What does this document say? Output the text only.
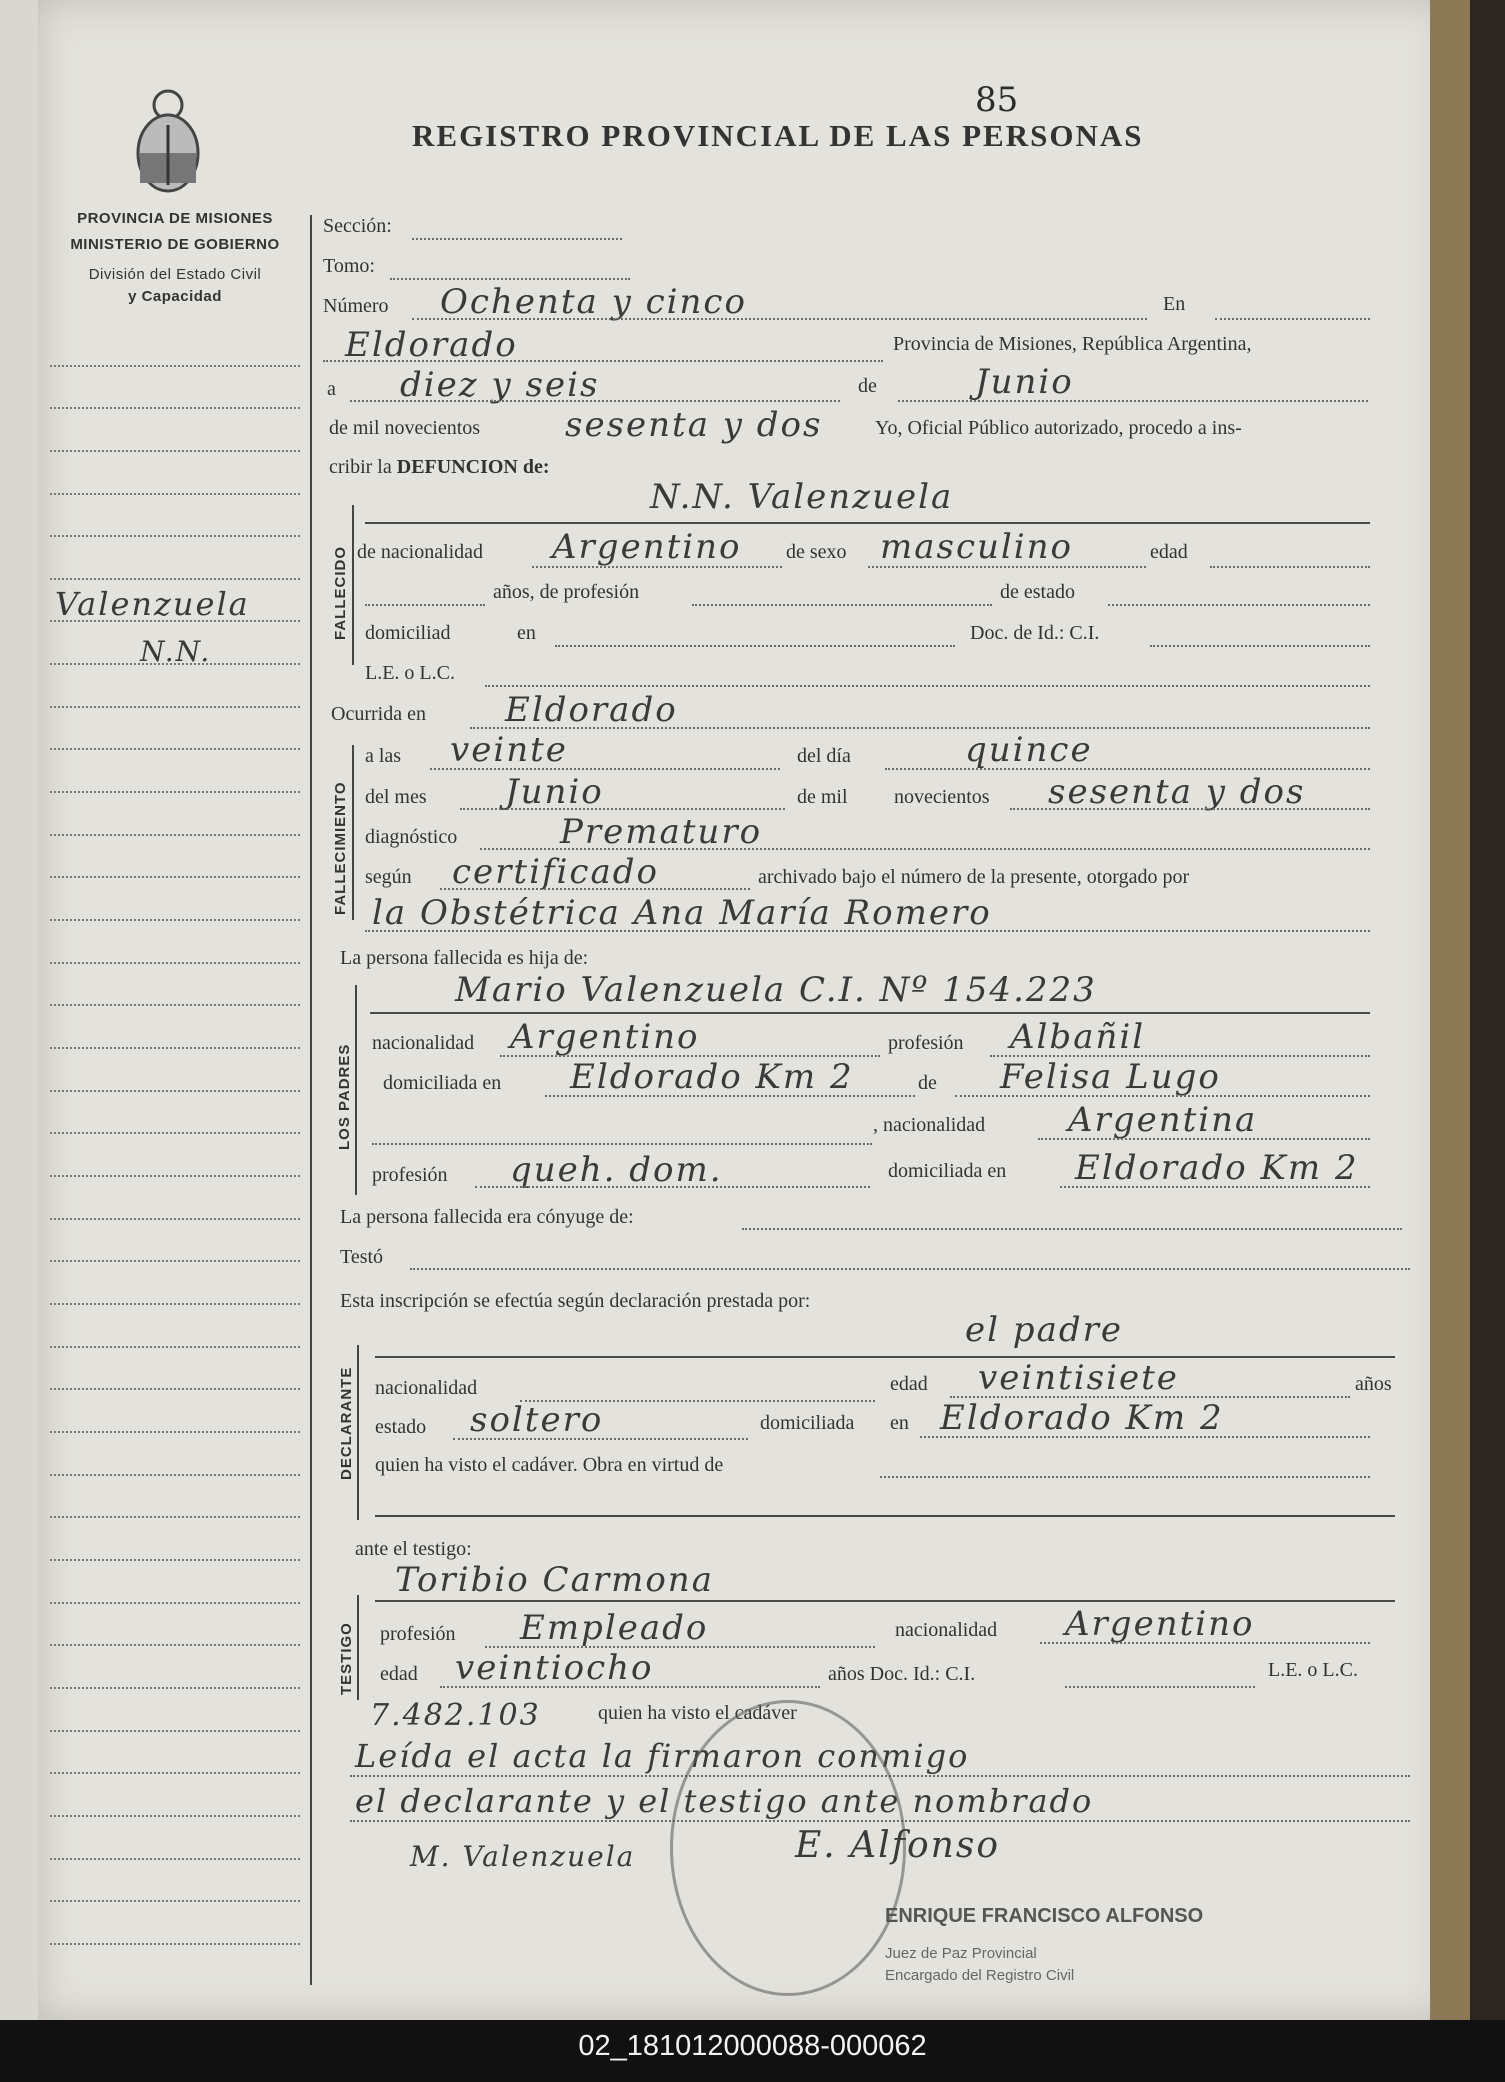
85
REGISTRO PROVINCIAL DE LAS PERSONAS
PROVINCIA DE MISIONES
MINISTERIO DE GOBIERNO
División del Estado Civil
y Capacidad
Valenzuela
N.N.
Sección:
Tomo:
Número Ochenta y cinco	En
Eldorado	Provincia de Misiones, República Argentina,
a diez y seis	de	Junio
de mil novecientos sesenta y dos	Yo, Oficial Público autorizado, procedo a ins-
cribir la DEFUNCION de:
FALLECIDO
N.N. Valenzuela
de nacionalidad Argentino de sexo masculino	edad
años, de profesión	de estado
domiciliad	en	Doc. de Id.: C.I.
L.E. o L.C.
Ocurrida en Eldorado
FALLECIMIENTO
a las veinte	del día	quince
del mes Junio	de mil novecientos sesenta y dos
diagnóstico	Prematuro
según certificado	archivado bajo el número de la presente, otorgado por
la Obstétrica Ana María Romero
La persona fallecida es hija de:
LOS PADRES
Mario Valenzuela C.I. Nº 154.223
nacionalidad Argentino	profesión Albañil
domiciliada en Eldorado Km 2	de Felisa Lugo
, nacionalidad Argentina
profesión queh. dom.	domiciliada en Eldorado Km 2
La persona fallecida era cónyuge de:
Testó
Esta inscripción se efectúa según declaración prestada por:
DECLARANTE
el padre
nacionalidad	edad veintisiete	años
estado soltero	domiciliada en Eldorado Km 2
quien ha visto el cadáver. Obra en virtud de
ante el testigo:
TESTIGO
Toribio Carmona
profesión Empleado	nacionalidad Argentino
edad veintiocho	años Doc. Id.: C.I.	L.E. o L.C.
7.482.103	quien ha visto el cadáver
Leída el acta la firmaron conmigo
el declarante y el testigo ante nombrado
M. Valenzuela	E. Alfonso
ENRIQUE FRANCISCO ALFONSO
Juez de Paz Provincial
Encargado del Registro Civil
02_181012000088-000062
